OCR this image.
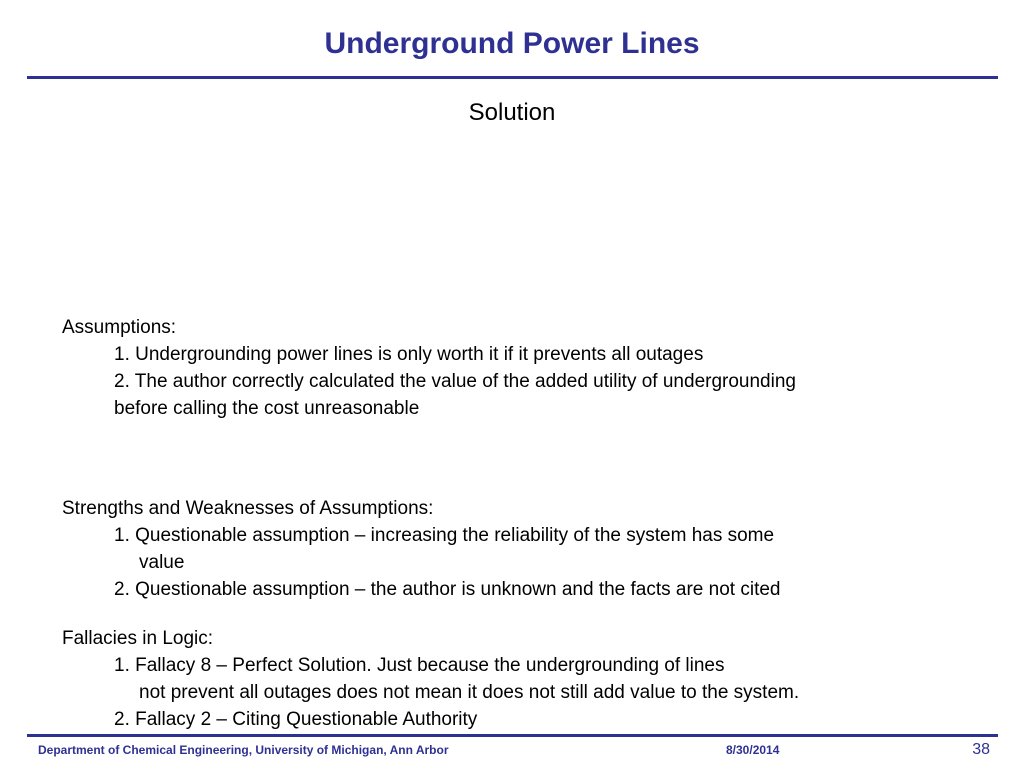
Underground Power Lines
Solution
Assumptions:
1. Undergrounding power lines is only worth it if it prevents all outages
2. The author correctly calculated the value of the added utility of undergrounding
before calling the cost unreasonable
Strengths and Weaknesses of Assumptions:
1. Questionable assumption – increasing the reliability of the system has some
value
2. Questionable assumption – the author is unknown and the facts are not cited
Fallacies in Logic:
1. Fallacy 8 – Perfect Solution. Just because the undergrounding of lines
not prevent all outages does not mean it does not still add value to the system.
2. Fallacy 2 – Citing Questionable Authority
Department of Chemical Engineering, University of Michigan, Ann Arbor	8/30/2014	38
